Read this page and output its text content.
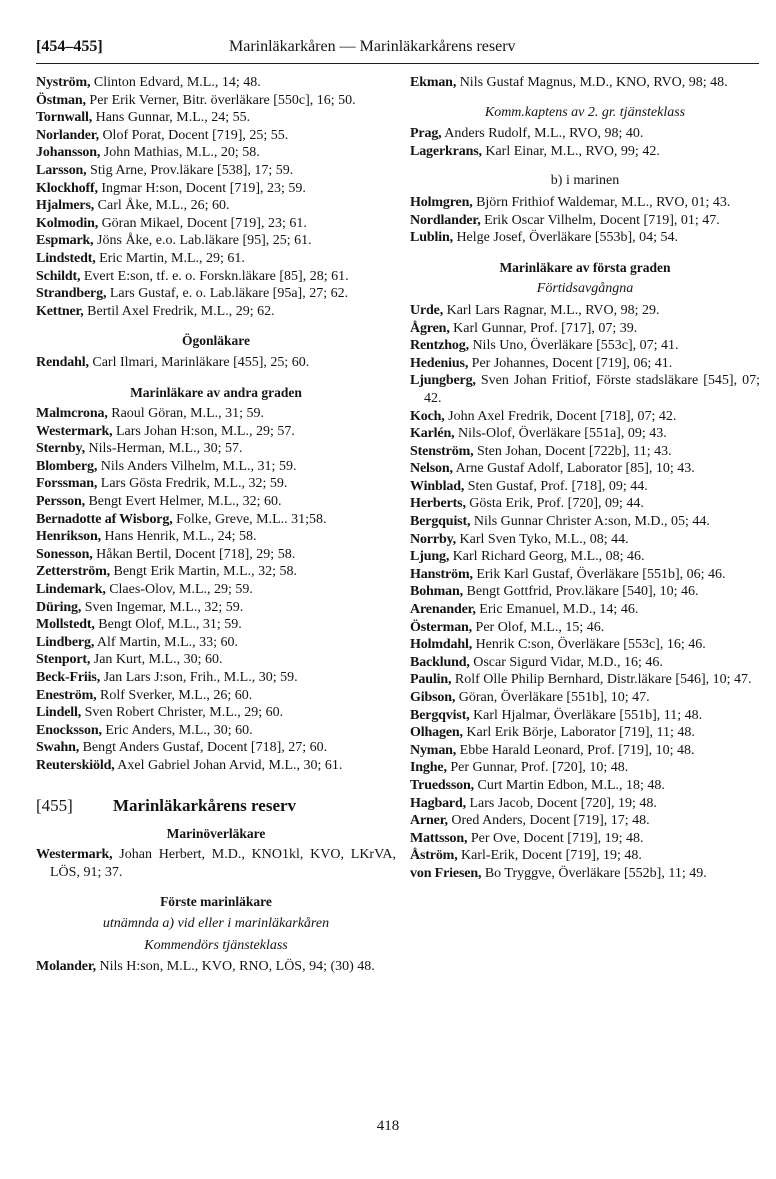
[454–455]	Marinläkarkåren — Marinläkarkårens reserv
Nyström, Clinton Edvard, M.L., 14; 48.
Östman, Per Erik Verner, Bitr. överläkare [550c], 16; 50.
Tornwall, Hans Gunnar, M.L., 24; 55.
Norlander, Olof Porat, Docent [719], 25; 55.
Johansson, John Mathias, M.L., 20; 58.
Larsson, Stig Arne, Prov.läkare [538], 17; 59.
Klockhoff, Ingmar H:son, Docent [719], 23; 59.
Hjalmers, Carl Åke, M.L., 26; 60.
Kolmodin, Göran Mikael, Docent [719], 23; 61.
Espmark, Jöns Åke, e.o. Lab.läkare [95], 25; 61.
Lindstedt, Eric Martin, M.L., 29; 61.
Schildt, Evert E:son, tf. e. o. Forskn.läkare [85], 28; 61.
Strandberg, Lars Gustaf, e. o. Lab.läkare [95a], 27; 62.
Kettner, Bertil Axel Fredrik, M.L., 29; 62.
Ögonläkare
Rendahl, Carl Ilmari, Marinläkare [455], 25; 60.
Marinläkare av andra graden
Malmcrona, Raoul Göran, M.L., 31; 59.
Westermark, Lars Johan H:son, M.L., 29; 57.
Sternby, Nils-Herman, M.L., 30; 57.
Blomberg, Nils Anders Vilhelm, M.L., 31; 59.
Forssman, Lars Gösta Fredrik, M.L., 32; 59.
Persson, Bengt Evert Helmer, M.L., 32; 60.
Bernadotte af Wisborg, Folke, Greve, M.L.. 31;58.
Henrikson, Hans Henrik, M.L., 24; 58.
Sonesson, Håkan Bertil, Docent [718], 29; 58.
Zetterström, Bengt Erik Martin, M.L., 32; 58.
Lindemark, Claes-Olov, M.L., 29; 59.
Düring, Sven Ingemar, M.L., 32; 59.
Mollstedt, Bengt Olof, M.L., 31; 59.
Lindberg, Alf Martin, M.L., 33; 60.
Stenport, Jan Kurt, M.L., 30; 60.
Beck-Friis, Jan Lars J:son, Frih., M.L., 30; 59.
Eneström, Rolf Sverker, M.L., 26; 60.
Lindell, Sven Robert Christer, M.L., 29; 60.
Enocksson, Eric Anders, M.L., 30; 60.
Swahn, Bengt Anders Gustaf, Docent [718], 27; 60.
Reuterskiöld, Axel Gabriel Johan Arvid, M.L., 30; 61.
[455] Marinläkarkårens reserv
Marinöverläkare
Westermark, Johan Herbert, M.D., KNO1kl, KVO, LKrVA, LÖS, 91; 37.
Förste marinläkare
utnämnda a) vid eller i marinläkarkåren
Kommendörs tjänsteklass
Molander, Nils H:son, M.L., KVO, RNO, LÖS, 94; (30) 48.
Ekman, Nils Gustaf Magnus, M.D., KNO, RVO, 98; 48.
Komm.kaptens av 2. gr. tjänsteklass
Prag, Anders Rudolf, M.L., RVO, 98; 40.
Lagerkrans, Karl Einar, M.L., RVO, 99; 42.
b) i marinen
Holmgren, Björn Frithiof Waldemar, M.L., RVO, 01; 43.
Nordlander, Erik Oscar Vilhelm, Docent [719], 01; 47.
Lublin, Helge Josef, Överläkare [553b], 04; 54.
Marinläkare av första graden
Förtidsavgångna
Urde, Karl Lars Ragnar, M.L., RVO, 98; 29.
Ågren, Karl Gunnar, Prof. [717], 07; 39.
Rentzhog, Nils Uno, Överläkare [553c], 07; 41.
Hedenius, Per Johannes, Docent [719], 06; 41.
Ljungberg, Sven Johan Fritiof, Förste stadsläkare [545], 07; 42.
Koch, John Axel Fredrik, Docent [718], 07; 42.
Karlén, Nils-Olof, Överläkare [551a], 09; 43.
Stenström, Sten Johan, Docent [722b], 11; 43.
Nelson, Arne Gustaf Adolf, Laborator [85], 10; 43.
Winblad, Sten Gustaf, Prof. [718], 09; 44.
Herberts, Gösta Erik, Prof. [720], 09; 44.
Bergquist, Nils Gunnar Christer A:son, M.D., 05; 44.
Norrby, Karl Sven Tyko, M.L., 08; 44.
Ljung, Karl Richard Georg, M.L., 08; 46.
Hanström, Erik Karl Gustaf, Överläkare [551b], 06; 46.
Bohman, Bengt Gottfrid, Prov.läkare [540], 10; 46.
Arenander, Eric Emanuel, M.D., 14; 46.
Österman, Per Olof, M.L., 15; 46.
Holmdahl, Henrik C:son, Överläkare [553c], 16; 46.
Backlund, Oscar Sigurd Vidar, M.D., 16; 46.
Paulin, Rolf Olle Philip Bernhard, Distr.läkare [546], 10; 47.
Gibson, Göran, Överläkare [551b], 10; 47.
Bergqvist, Karl Hjalmar, Överläkare [551b], 11; 48.
Olhagen, Karl Erik Börje, Laborator [719], 11; 48.
Nyman, Ebbe Harald Leonard, Prof. [719], 10; 48.
Inghe, Per Gunnar, Prof. [720], 10; 48.
Truedsson, Curt Martin Edbon, M.L., 18; 48.
Hagbard, Lars Jacob, Docent [720], 19; 48.
Arner, Ored Anders, Docent [719], 17; 48.
Mattsson, Per Ove, Docent [719], 19; 48.
Åström, Karl-Erik, Docent [719], 19; 48.
von Friesen, Bo Tryggve, Överläkare [552b], 11; 49.
418
